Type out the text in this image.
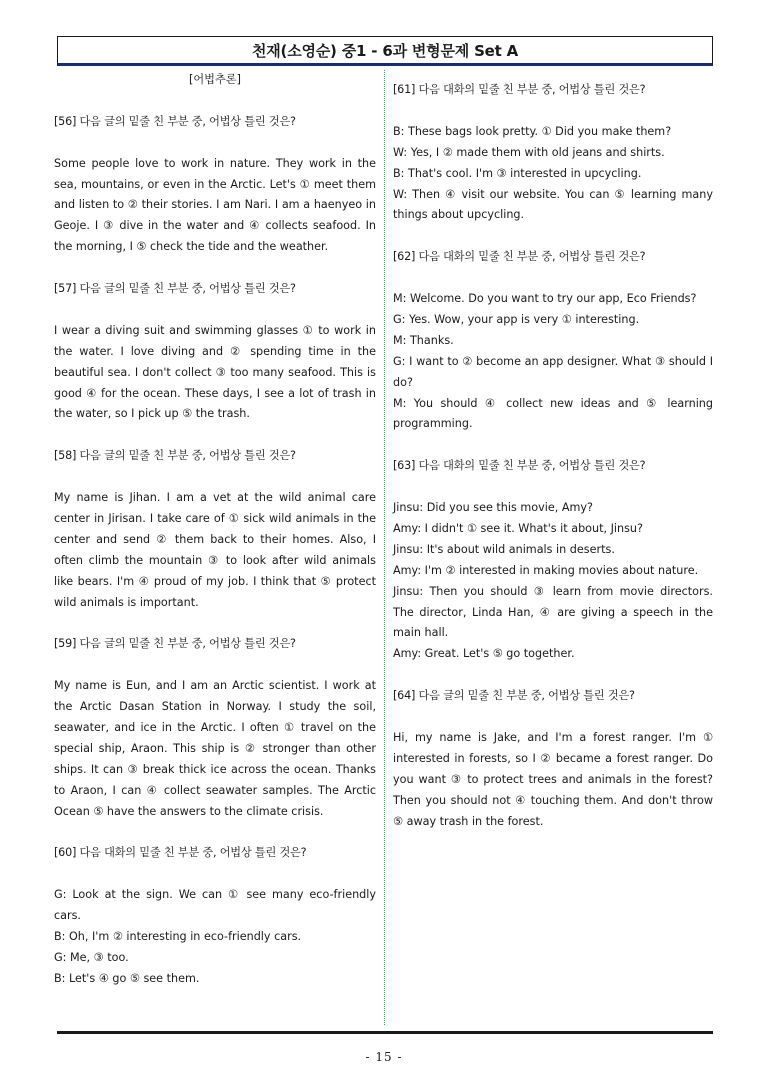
천재(소영순) 중1 - 6과 변형문제 Set A
[어법추론]
[56] 다음 글의 밑줄 친 부분 중, 어법상 틀린 것은?

Some people love to work in nature. They work in the sea, mountains, or even in the Arctic. Let's ① meet them and listen to ② their stories. I am Nari. I am a haenyeo in Geoje. I ③ dive in the water and ④ collects seafood. In the morning, I ⑤ check the tide and the weather.

[57] 다음 글의 밑줄 친 부분 중, 어법상 틀린 것은?

I wear a diving suit and swimming glasses ① to work in the water. I love diving and ② spending time in the beautiful sea. I don't collect ③ too many seafood. This is good ④ for the ocean. These days, I see a lot of trash in the water, so I pick up ⑤ the trash.

[58] 다음 글의 밑줄 친 부분 중, 어법상 틀린 것은?

My name is Jihan. I am a vet at the wild animal care center in Jirisan. I take care of ① sick wild animals in the center and send ② them back to their homes. Also, I often climb the mountain ③ to look after wild animals like bears. I'm ④ proud of my job. I think that ⑤ protect wild animals is important.

[59] 다음 글의 밑줄 친 부분 중, 어법상 틀린 것은?

My name is Eun, and I am an Arctic scientist. I work at the Arctic Dasan Station in Norway. I study the soil, seawater, and ice in the Arctic. I often ① travel on the special ship, Araon. This ship is ② stronger than other ships. It can ③ break thick ice across the ocean. Thanks to Araon, I can ④ collect seawater samples. The Arctic Ocean ⑤ have the answers to the climate crisis.

[60] 다음 대화의 밑줄 친 부분 중, 어법상 틀린 것은?

G: Look at the sign. We can ① see many eco-friendly cars.

B: Oh, I'm ② interesting in eco-friendly cars.

G: Me, ③ too.

B: Let's ④ go ⑤ see them.

[61] 다음 대화의 밑줄 친 부분 중, 어법상 틀린 것은?

B: These bags look pretty. ① Did you make them?

W: Yes, I ② made them with old jeans and shirts.

B: That's cool. I'm ③ interested in upcycling.

W: Then ④ visit our website. You can ⑤ learning many things about upcycling.

[62] 다음 대화의 밑줄 친 부분 중, 어법상 틀린 것은?

M: Welcome. Do you want to try our app, Eco Friends?

G: Yes. Wow, your app is very ① interesting.

M: Thanks.

G: I want to ② become an app designer. What ③ should I do?

M: You should ④ collect new ideas and ⑤ learning programming.

[63] 다음 대화의 밑줄 친 부분 중, 어법상 틀린 것은?

Jinsu: Did you see this movie, Amy?

Amy: I didn't ① see it. What's it about, Jinsu?

Jinsu: It's about wild animals in deserts.

Amy: I'm ② interested in making movies about nature.

Jinsu: Then you should ③ learn from movie directors. The director, Linda Han, ④ are giving a speech in the main hall.

Amy: Great. Let's ⑤ go together.

[64] 다음 글의 밑줄 친 부분 중, 어법상 틀린 것은?

Hi, my name is Jake, and I'm a forest ranger. I'm ① interested in forests, so I ② became a forest ranger. Do you want ③ to protect trees and animals in the forest? Then you should not ④ touching them. And don't throw ⑤ away trash in the forest.

- 15 -
